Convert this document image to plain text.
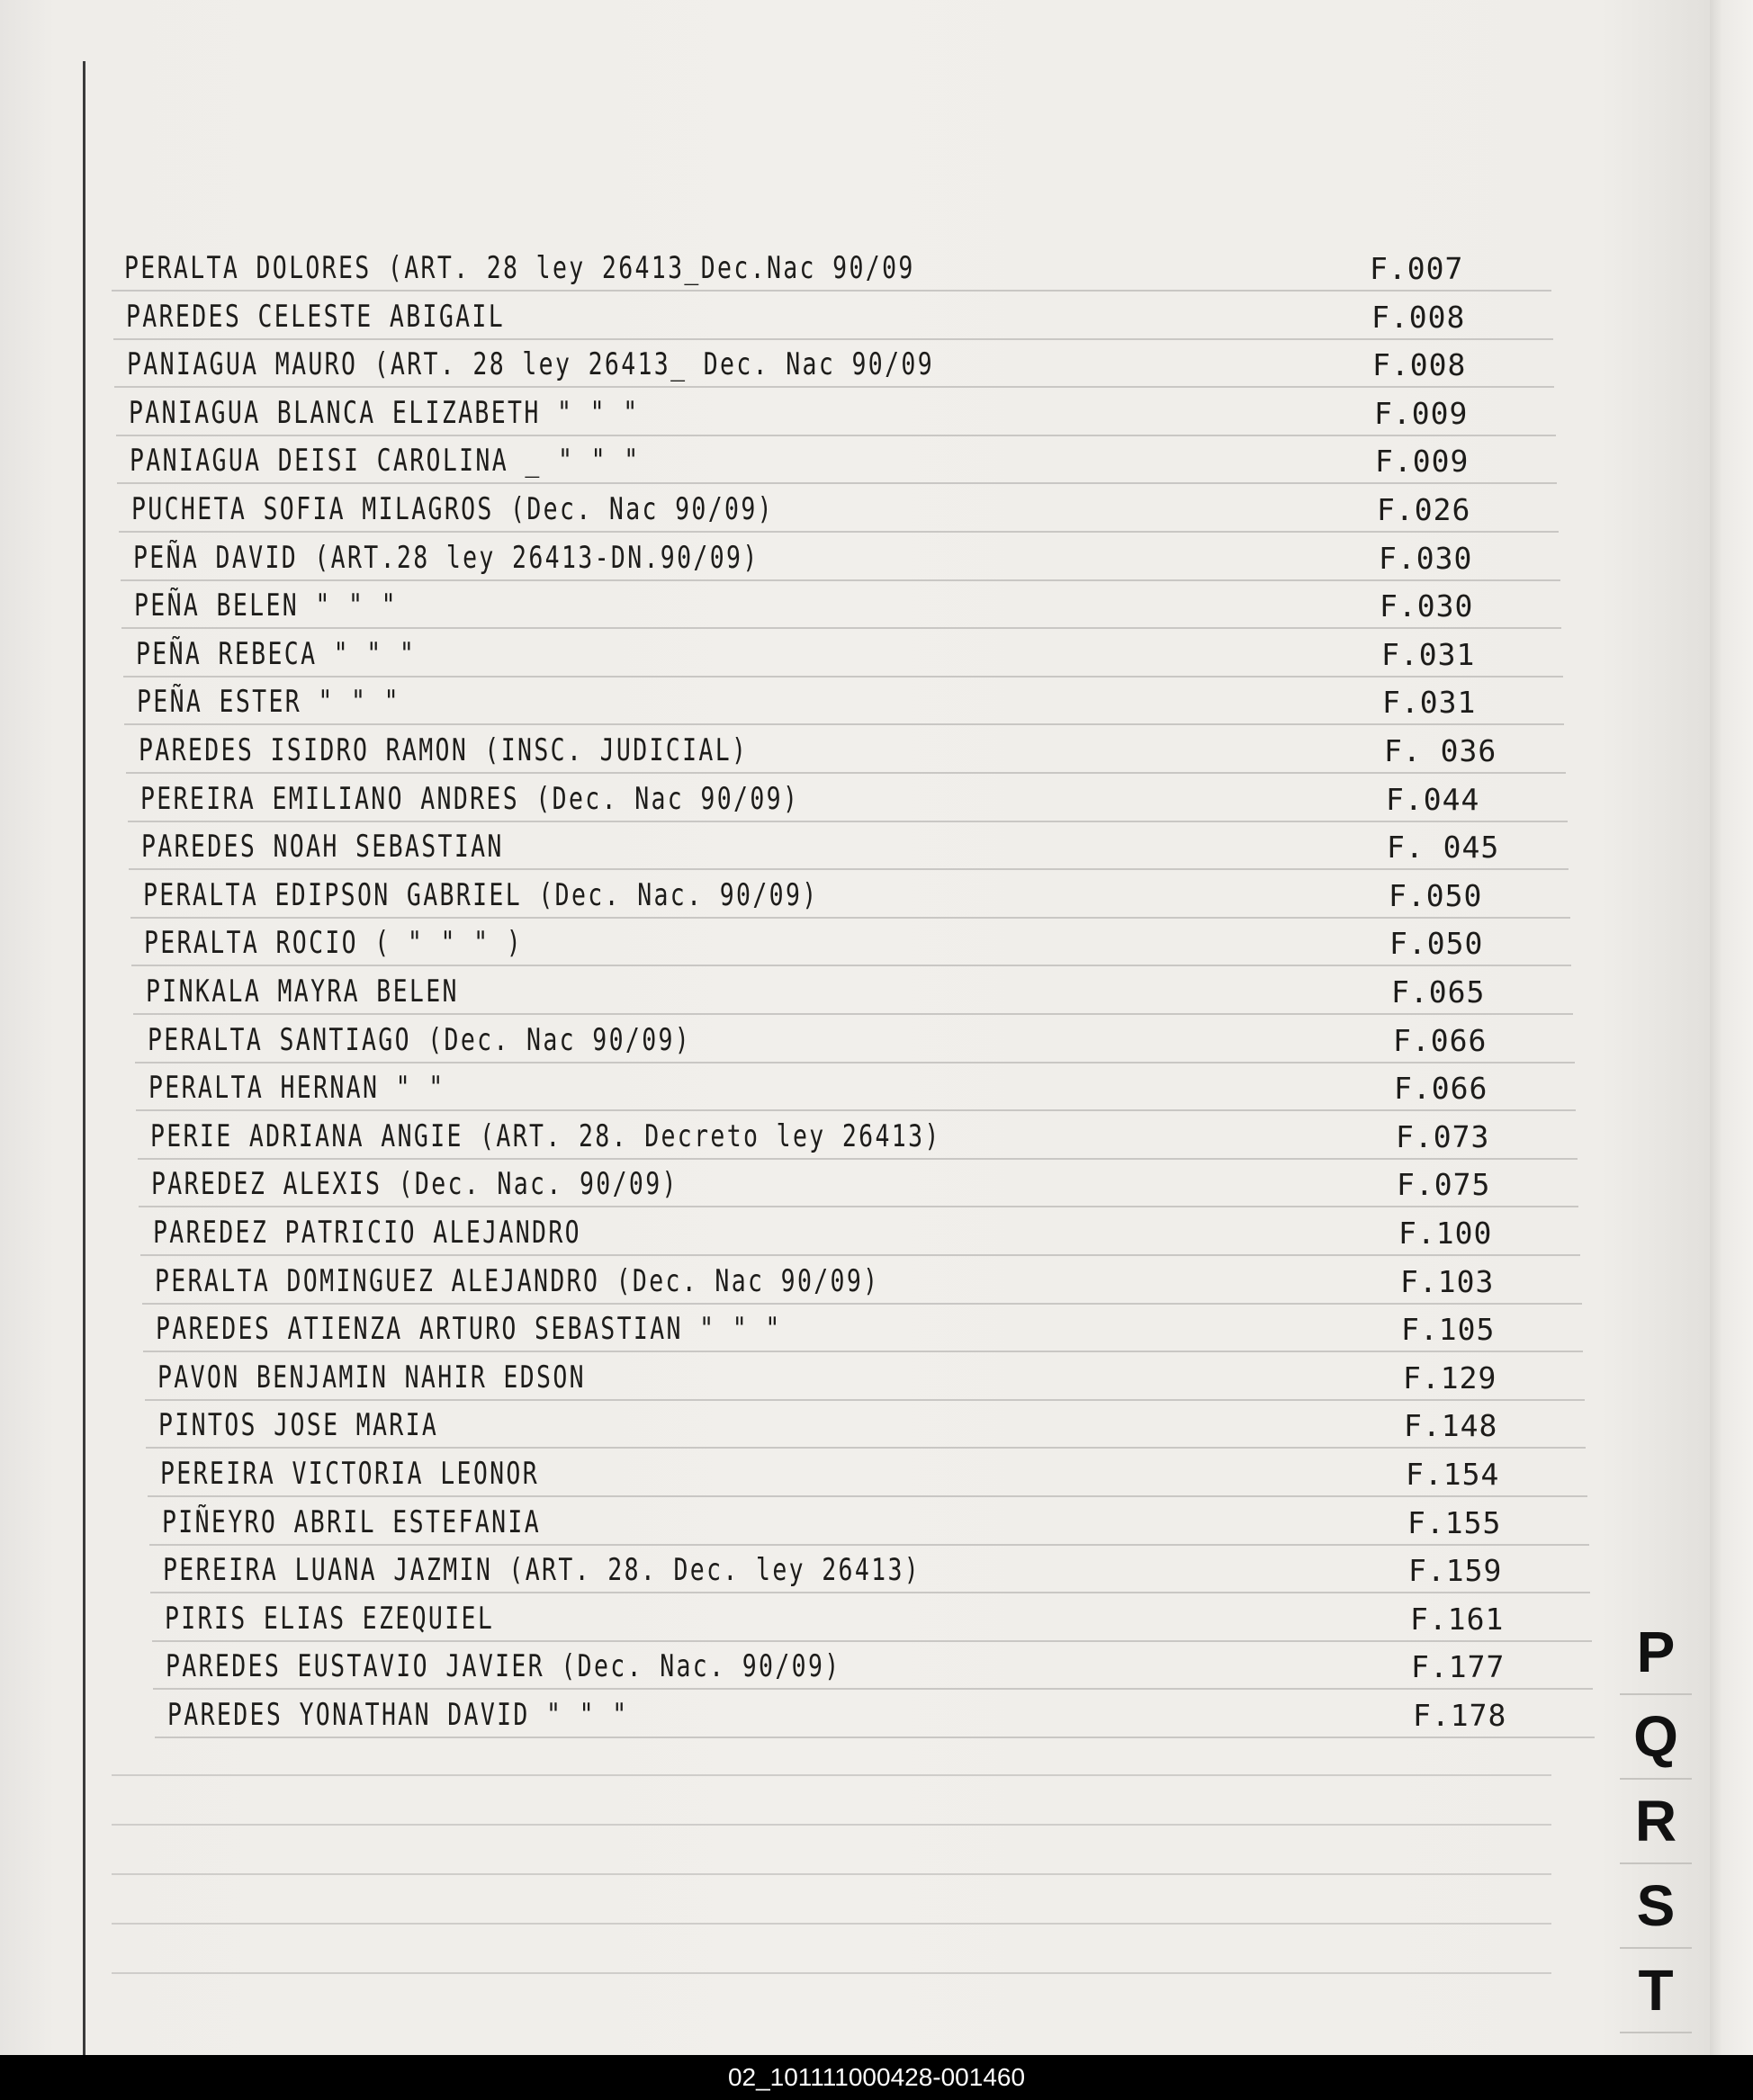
PERALTA DOLORES (ART. 28 ley 26413_Dec.Nac 90/09	F.007
PAREDES CELESTE ABIGAIL	F.008
PANIAGUA MAURO (ART. 28 ley 26413_ Dec. Nac 90/09	F.008
PANIAGUA BLANCA ELIZABETH " " "	F.009
PANIAGUA DEISI CAROLINA _ " " "	F.009
PUCHETA SOFIA MILAGROS (Dec. Nac 90/09)	F.026
PEÑA DAVID (ART.28 ley 26413-DN.90/09)	F.030
PEÑA BELEN " " "	F.030
PEÑA REBECA " " "	F.031
PEÑA ESTER " " "	F.031
PAREDES ISIDRO RAMON (INSC. JUDICIAL)	F. 036
PEREIRA EMILIANO ANDRES (Dec. Nac 90/09)	F.044
PAREDES NOAH SEBASTIAN	F. 045
PERALTA EDIPSON GABRIEL (Dec. Nac. 90/09)	F.050
PERALTA ROCIO ( " " " )	F.050
PINKALA MAYRA BELEN	F.065
PERALTA SANTIAGO (Dec. Nac 90/09)	F.066
PERALTA HERNAN " "	F.066
PERIE ADRIANA ANGIE (ART. 28. Decreto ley 26413)	F.073
PAREDEZ ALEXIS (Dec. Nac. 90/09)	F.075
PAREDEZ PATRICIO ALEJANDRO	F.100
PERALTA DOMINGUEZ ALEJANDRO (Dec. Nac 90/09)	F.103
PAREDES ATIENZA ARTURO SEBASTIAN " " "	F.105
PAVON BENJAMIN NAHIR EDSON	F.129
PINTOS JOSE MARIA	F.148
PEREIRA VICTORIA LEONOR	F.154
PIÑEYRO ABRIL ESTEFANIA	F.155
PEREIRA LUANA JAZMIN (ART. 28. Dec. ley 26413)	F.159
PIRIS ELIAS EZEQUIEL	F.161
PAREDES EUSTAVIO JAVIER (Dec. Nac. 90/09)	F.177
PAREDES YONATHAN DAVID " " "	F.178
P
Q
R
S
T
02_101111000428-001460
